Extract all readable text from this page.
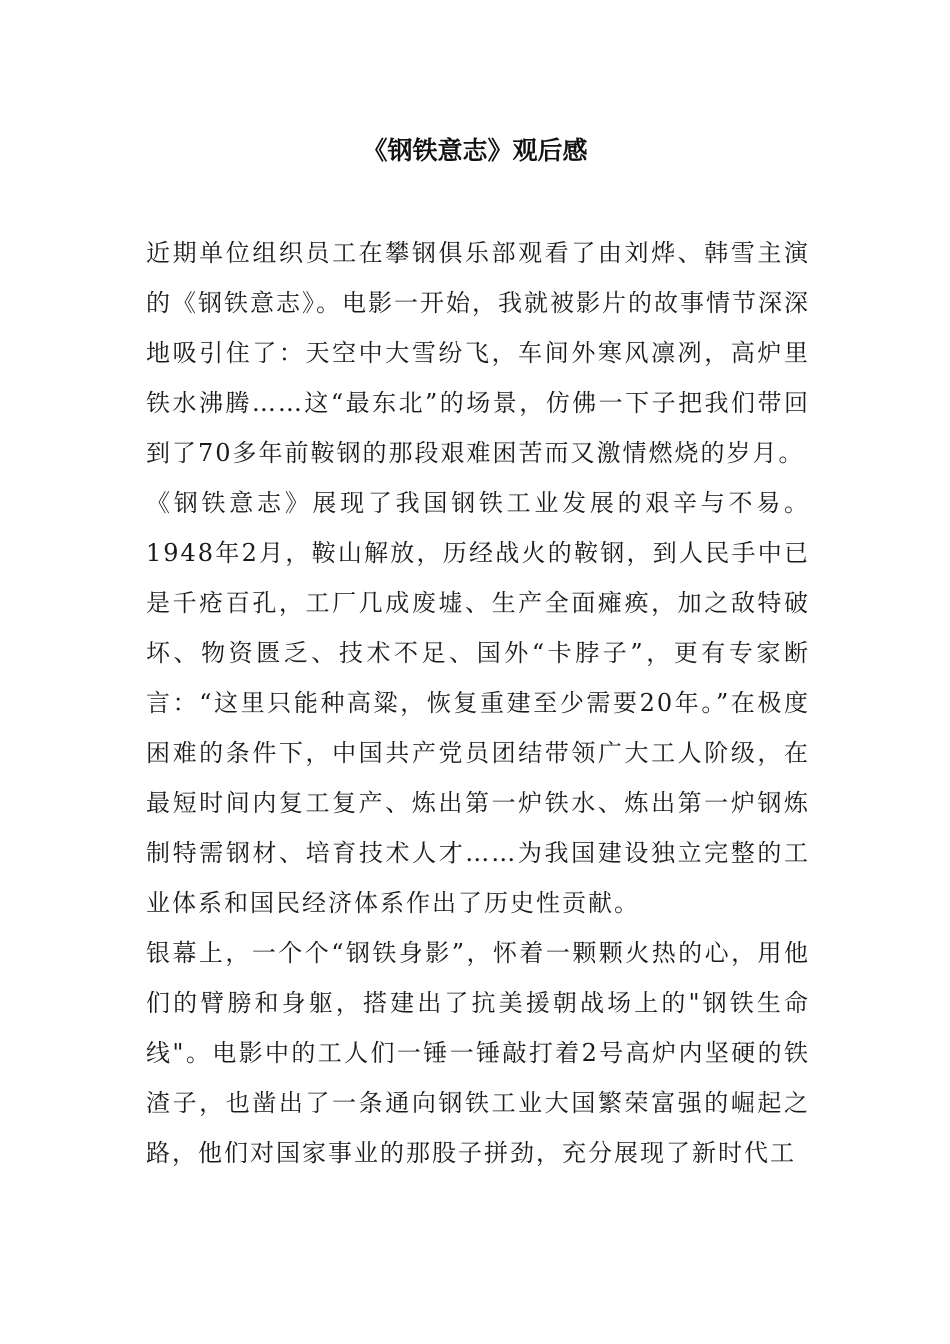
《钢铁意志》观后感

近期单位组织员工在攀钢俱乐部观看了由刘烨、韩雪主演的《钢铁意志》。电影一开始，我就被影片的故事情节深深地吸引住了：天空中大雪纷飞，车间外寒风凛冽，高炉里铁水沸腾……这“最东北”的场景，仿佛一下子把我们带回到了70多年前鞍钢的那段艰难困苦而又激情燃烧的岁月。

《钢铁意志》展现了我国钢铁工业发展的艰辛与不易。1948年2月，鞍山解放，历经战火的鞍钢，到人民手中已是千疮百孔，工厂几成废墟、生产全面瘫痪，加之敌特破坏、物资匮乏、技术不足、国外“卡脖子”，更有专家断言：“这里只能种高粱，恢复重建至少需要20年。”在极度困难的条件下，中国共产党员团结带领广大工人阶级，在最短时间内复工复产、炼出第一炉铁水、炼出第一炉钢炼制特需钢材、培育技术人才……为我国建设独立完整的工业体系和国民经济体系作出了历史性贡献。

银幕上，一个个“钢铁身影”，怀着一颗颗火热的心，用他们的臂膀和身躯，搭建出了抗美援朝战场上的"钢铁生命线"。电影中的工人们一锤一锤敲打着2号高炉内坚硬的铁渣子，也凿出了一条通向钢铁工业大国繁荣富强的崛起之路，他们对国家事业的那股子拼劲，充分展现了新时代工
